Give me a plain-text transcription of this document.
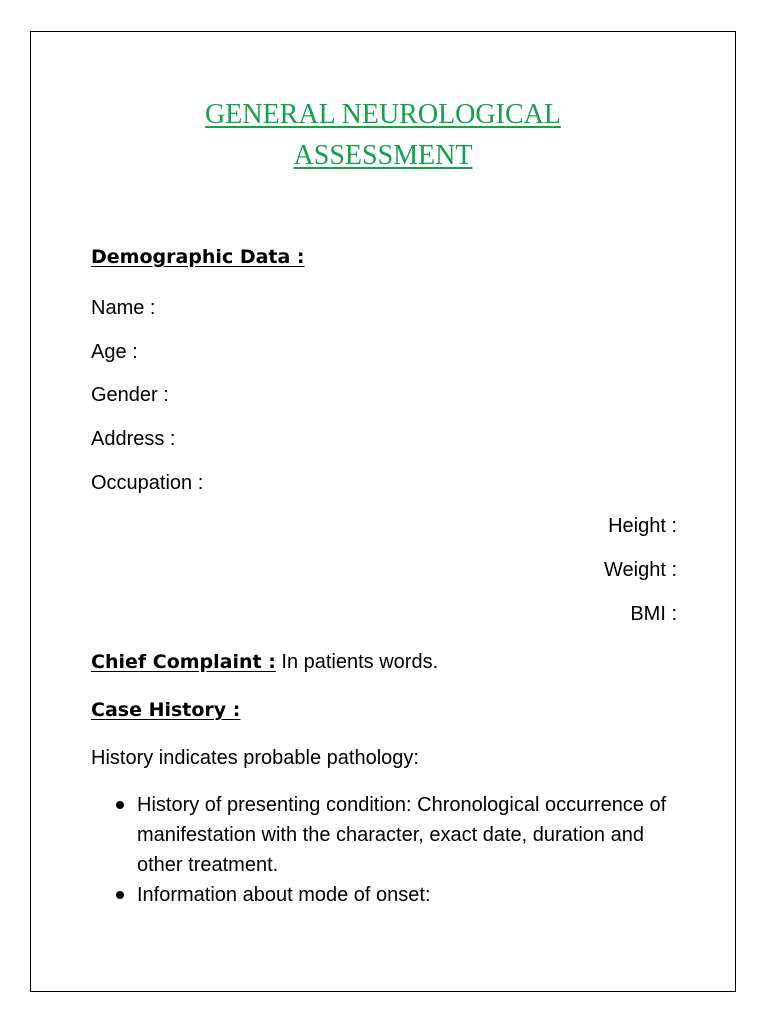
GENERAL NEUROLOGICAL
ASSESSMENT
Demographic Data :
Name :
Age :
Gender :
Address :
Occupation :
Height :
Weight :
BMI :
Chief Complaint : In patients words.
Case History :
History indicates probable pathology:
History of presenting condition: Chronological occurrence of manifestation with the character, exact date, duration and other treatment.
Information about mode of onset:
